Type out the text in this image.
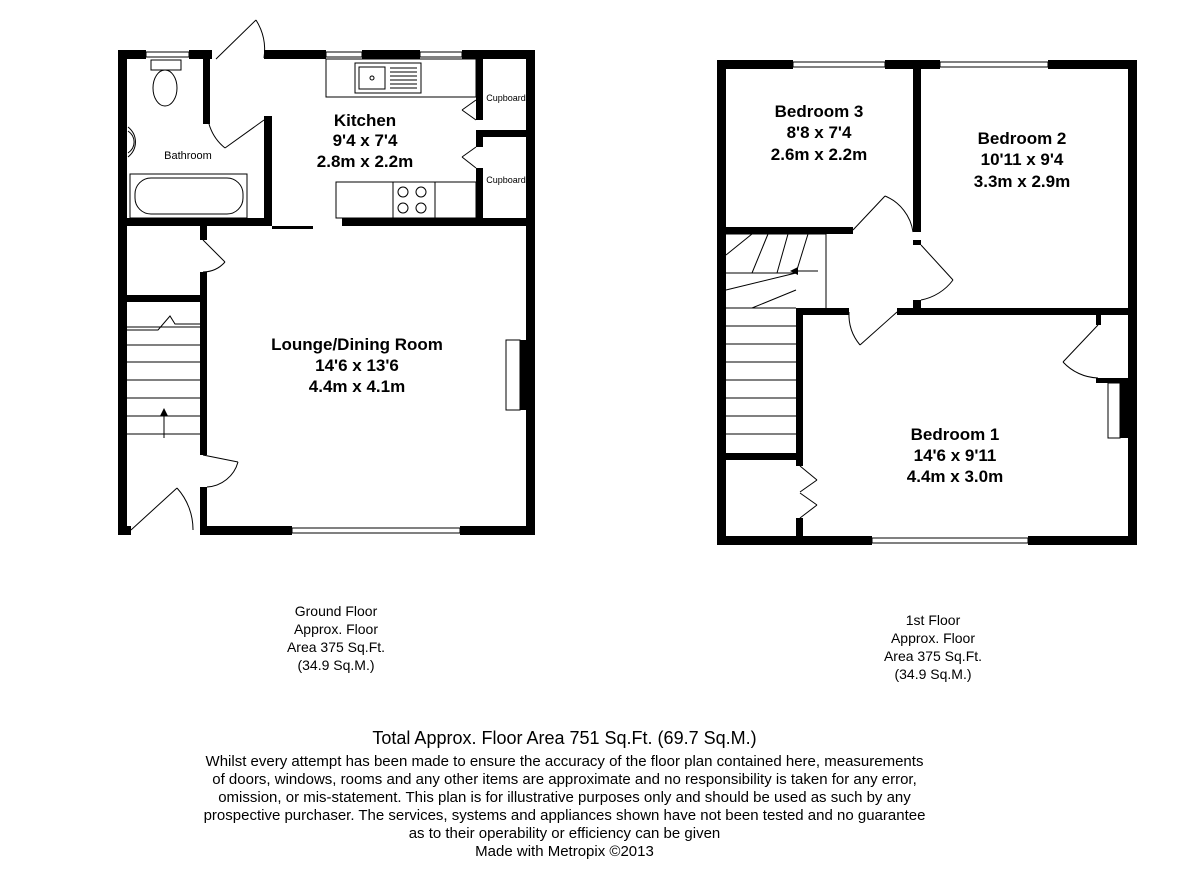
Kitchen
9'4 x 7'4
2.8m x 2.2m
Bathroom
Cupboard
Cupboard
Lounge/Dining Room
14'6 x 13'6
4.4m x 4.1m
Bedroom 3
8'8 x 7'4
2.6m x 2.2m
Bedroom 2
10'11 x 9'4
3.3m x 2.9m
Bedroom 1
14'6 x 9'11
4.4m x 3.0m
Ground Floor
Approx. Floor
Area 375 Sq.Ft.
(34.9 Sq.M.)
1st Floor
Approx. Floor
Area 375 Sq.Ft.
(34.9 Sq.M.)
Total Approx. Floor Area 751 Sq.Ft. (69.7 Sq.M.)
Whilst every attempt has been made to ensure the accuracy of the floor plan contained here, measurements
of doors, windows, rooms and any other items are approximate and no responsibility is taken for any error,
omission, or mis-statement. This plan is for illustrative purposes only and should be used as such by any
prospective purchaser. The services, systems and appliances shown have not been tested and no guarantee
as to their operability or efficiency can be given
Made with Metropix ©2013
